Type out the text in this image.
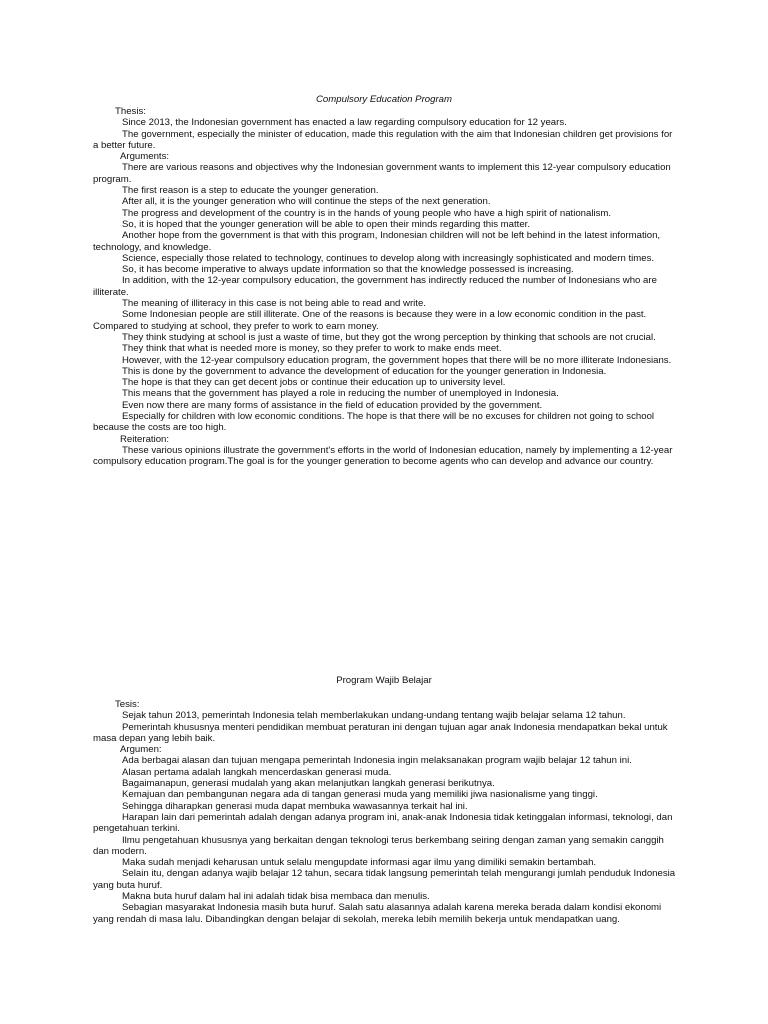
Compulsory Education Program

Thesis:

Since 2013, the Indonesian government has enacted a law regarding compulsory education for 12 years.

The government, especially the minister of education, made this regulation with the aim that Indonesian children get provisions for a better future.

Arguments:

There are various reasons and objectives why the Indonesian government wants to implement this 12-year compulsory education program.

The first reason is a step to educate the younger generation.

After all, it is the younger generation who will continue the steps of the next generation.

The progress and development of the country is in the hands of young people who have a high spirit of nationalism.

So, it is hoped that the younger generation will be able to open their minds regarding this matter.

Another hope from the government is that with this program, Indonesian children will not be left behind in the latest information, technology, and knowledge.

Science, especially those related to technology, continues to develop along with increasingly sophisticated and modern times.

So, it has become imperative to always update information so that the knowledge possessed is increasing.

In addition, with the 12-year compulsory education, the government has indirectly reduced the number of Indonesians who are illiterate.

The meaning of illiteracy in this case is not being able to read and write.

Some Indonesian people are still illiterate. One of the reasons is because they were in a low economic condition in the past. Compared to studying at school, they prefer to work to earn money.

They think studying at school is just a waste of time, but they got the wrong perception by thinking that schools are not crucial.

They think that what is needed more is money, so they prefer to work to make ends meet.

However, with the 12-year compulsory education program, the government hopes that there will be no more illiterate Indonesians.

This is done by the government to advance the development of education for the younger generation in Indonesia.

The hope is that they can get decent jobs or continue their education up to university level.

This means that the government has played a role in reducing the number of unemployed in Indonesia.

Even now there are many forms of assistance in the field of education provided by the government.

Especially for children with low economic conditions. The hope is that there will be no excuses for children not going to school because the costs are too high.

Reiteration:

These various opinions illustrate the government's efforts in the world of Indonesian education, namely by implementing a 12-year compulsory education program.The goal is for the younger generation to become agents who can develop and advance our country.

Program Wajib Belajar

Tesis:

Sejak tahun 2013, pemerintah Indonesia telah memberlakukan undang-undang tentang wajib belajar selama 12 tahun.

Pemerintah khususnya menteri pendidikan membuat peraturan ini dengan tujuan agar anak Indonesia mendapatkan bekal untuk masa depan yang lebih baik.

Argumen:

Ada berbagai alasan dan tujuan mengapa pemerintah Indonesia ingin melaksanakan program wajib belajar 12 tahun ini.

Alasan pertama adalah langkah mencerdaskan generasi muda.

Bagaimanapun, generasi mudalah yang akan melanjutkan langkah generasi berikutnya.

Kemajuan dan pembangunan negara ada di tangan generasi muda yang memiliki jiwa nasionalisme yang tinggi.

Sehingga diharapkan generasi muda dapat membuka wawasannya terkait hal ini.

Harapan lain dari pemerintah adalah dengan adanya program ini, anak-anak Indonesia tidak ketinggalan informasi, teknologi, dan pengetahuan terkini.

Ilmu pengetahuan khususnya yang berkaitan dengan teknologi terus berkembang seiring dengan zaman yang semakin canggih dan modern.

Maka sudah menjadi keharusan untuk selalu mengupdate informasi agar ilmu yang dimiliki semakin bertambah.

Selain itu, dengan adanya wajib belajar 12 tahun, secara tidak langsung pemerintah telah mengurangi jumlah penduduk Indonesia yang buta huruf.

Makna buta huruf dalam hal ini adalah tidak bisa membaca dan menulis.

Sebagian masyarakat Indonesia masih buta huruf. Salah satu alasannya adalah karena mereka berada dalam kondisi ekonomi yang rendah di masa lalu. Dibandingkan dengan belajar di sekolah, mereka lebih memilih bekerja untuk mendapatkan uang.
